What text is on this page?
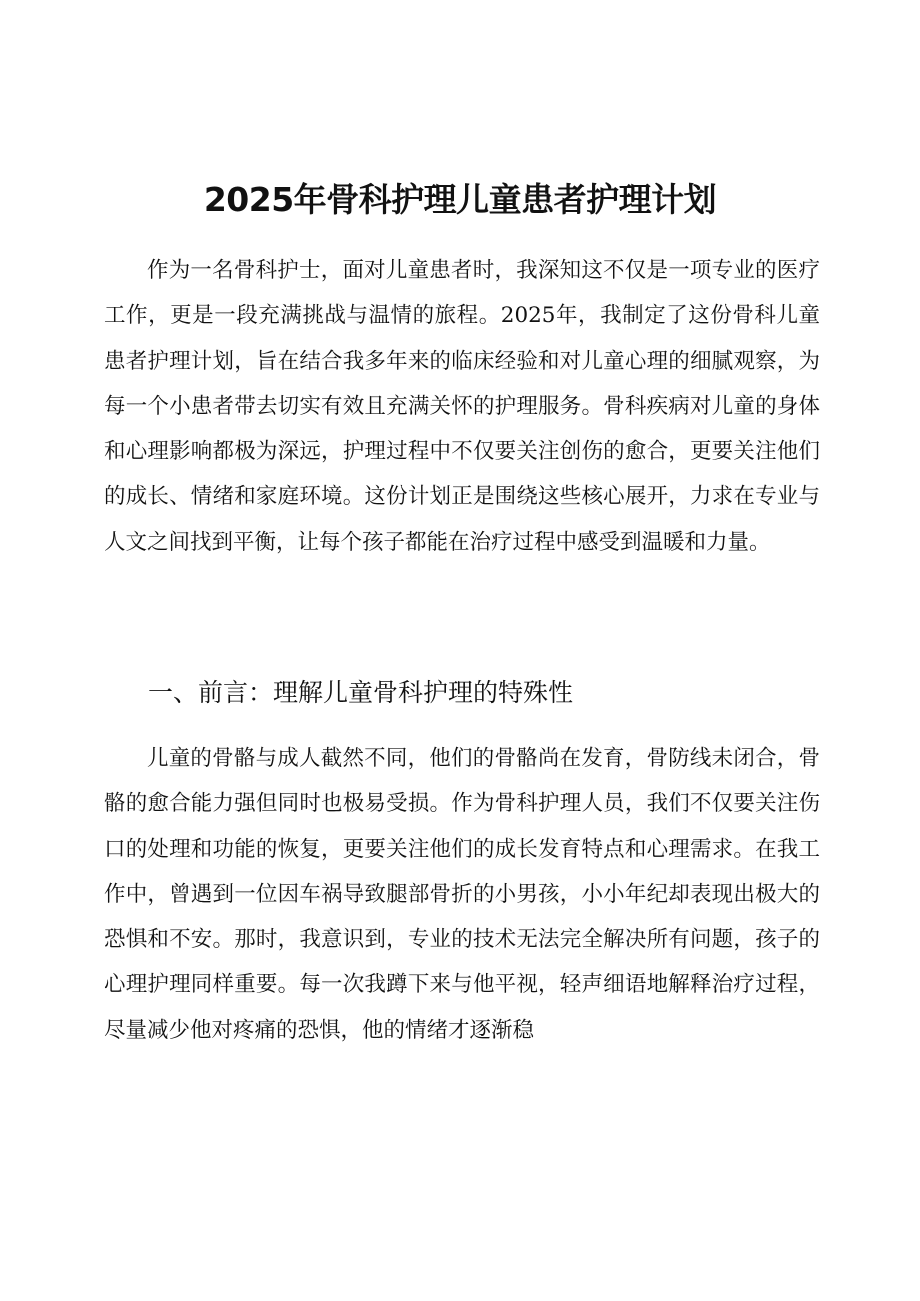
2025年骨科护理儿童患者护理计划

作为一名骨科护士，面对儿童患者时，我深知这不仅是一项专业的医疗工作，更是一段充满挑战与温情的旅程。2025年，我制定了这份骨科儿童患者护理计划，旨在结合我多年来的临床经验和对儿童心理的细腻观察，为每一个小患者带去切实有效且充满关怀的护理服务。骨科疾病对儿童的身体和心理影响都极为深远，护理过程中不仅要关注创伤的愈合，更要关注他们的成长、情绪和家庭环境。这份计划正是围绕这些核心展开，力求在专业与人文之间找到平衡，让每个孩子都能在治疗过程中感受到温暖和力量。

一、前言：理解儿童骨科护理的特殊性

儿童的骨骼与成人截然不同，他们的骨骼尚在发育，骨防线未闭合，骨骼的愈合能力强但同时也极易受损。作为骨科护理人员，我们不仅要关注伤口的处理和功能的恢复，更要关注他们的成长发育特点和心理需求。在我工作中，曾遇到一位因车祸导致腿部骨折的小男孩，小小年纪却表现出极大的恐惧和不安。那时，我意识到，专业的技术无法完全解决所有问题，孩子的心理护理同样重要。每一次我蹲下来与他平视，轻声细语地解释治疗过程，尽量减少他对疼痛的恐惧，他的情绪才逐渐稳
